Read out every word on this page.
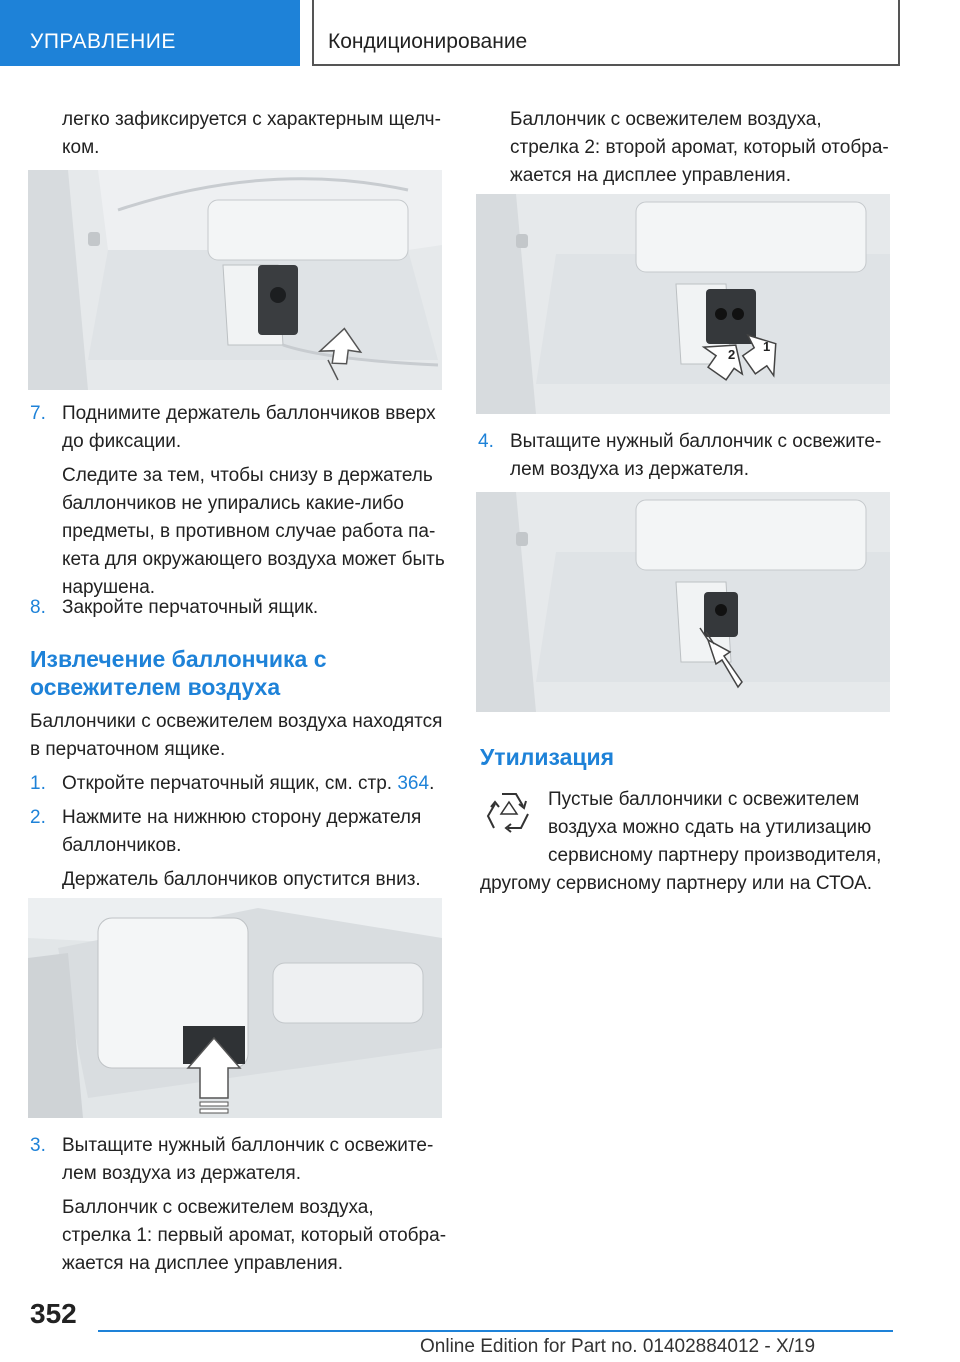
УПРАВЛЕНИЕ	Кондиционирование

легко зафиксируется с характерным щелч-

ком.

7. Поднимите держатель баллончиков вверх

до фиксации.

Следите за тем, чтобы снизу в держатель

баллончиков не упирались какие-либо

предметы, в противном случае работа па-

кета для окружающего воздуха может быть

нарушена.

8. Закройте перчаточный ящик.

Извлечение баллончика с
освежителем воздуха

Баллончики с освежителем воздуха находятся

в перчаточном ящике.

1. Откройте перчаточный ящик, см. стр. 364.

2. Нажмите на нижнюю сторону держателя

баллончиков.

Держатель баллончиков опустится вниз.

3. Вытащите нужный баллончик с освежите-

лем воздуха из держателя.

Баллончик с освежителем воздуха,

стрелка 1: первый аромат, который отобра-

жается на дисплее управления.

Баллончик с освежителем воздуха,

стрелка 2: второй аромат, который отобра-

жается на дисплее управления.

2
1
4. Вытащите нужный баллончик с освежите-

лем воздуха из держателя.

Утилизация

Пустые баллончики с освежителем

воздуха можно сдать на утилизацию

сервисному партнеру производителя,

другому сервисному партнеру или на СТОА.

352
Online Edition for Part no. 01402884012 - X/19
